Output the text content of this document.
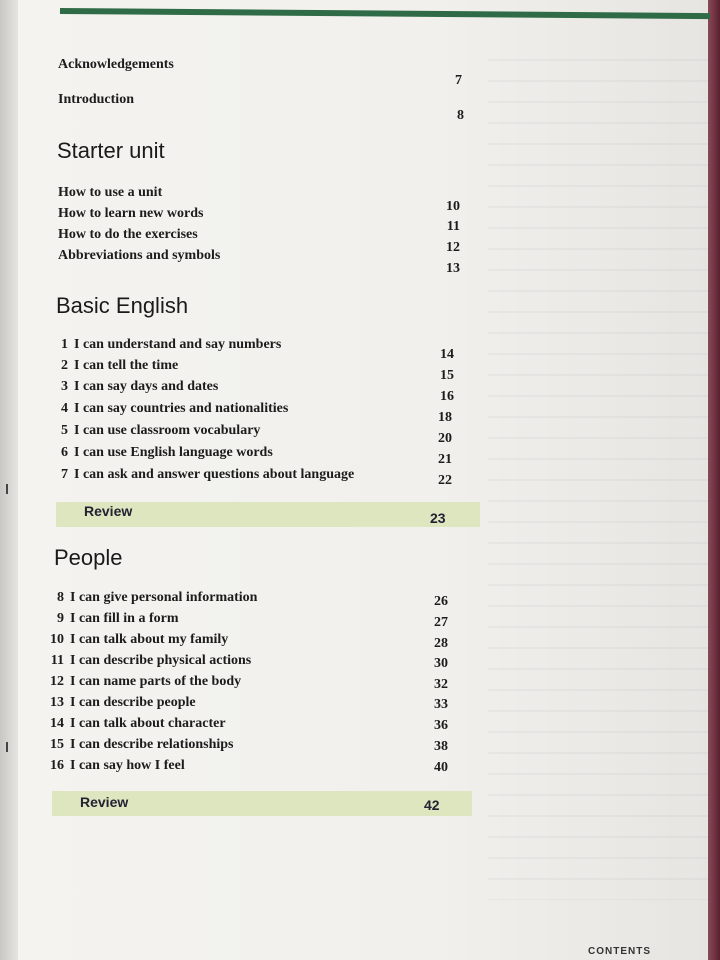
Acknowledgements
7
Introduction
8
Starter unit
How to use a unit
How to learn new words
How to do the exercises
Abbreviations and symbols
10
11
12
13
Basic English
1 I can understand and say numbers
2 I can tell the time
3 I can say days and dates
4 I can say countries and nationalities
5 I can use classroom vocabulary
6 I can use English language words
7 I can ask and answer questions about language
14
15
16
18
20
21
22
Review	23
People
8 I can give personal information
9 I can fill in a form
10 I can talk about my family
11 I can describe physical actions
12 I can name parts of the body
13 I can describe people
14 I can talk about character
15 I can describe relationships
16 I can say how I feel
26
27
28
30
32
33
36
38
40
Review	42
CONTENTS
